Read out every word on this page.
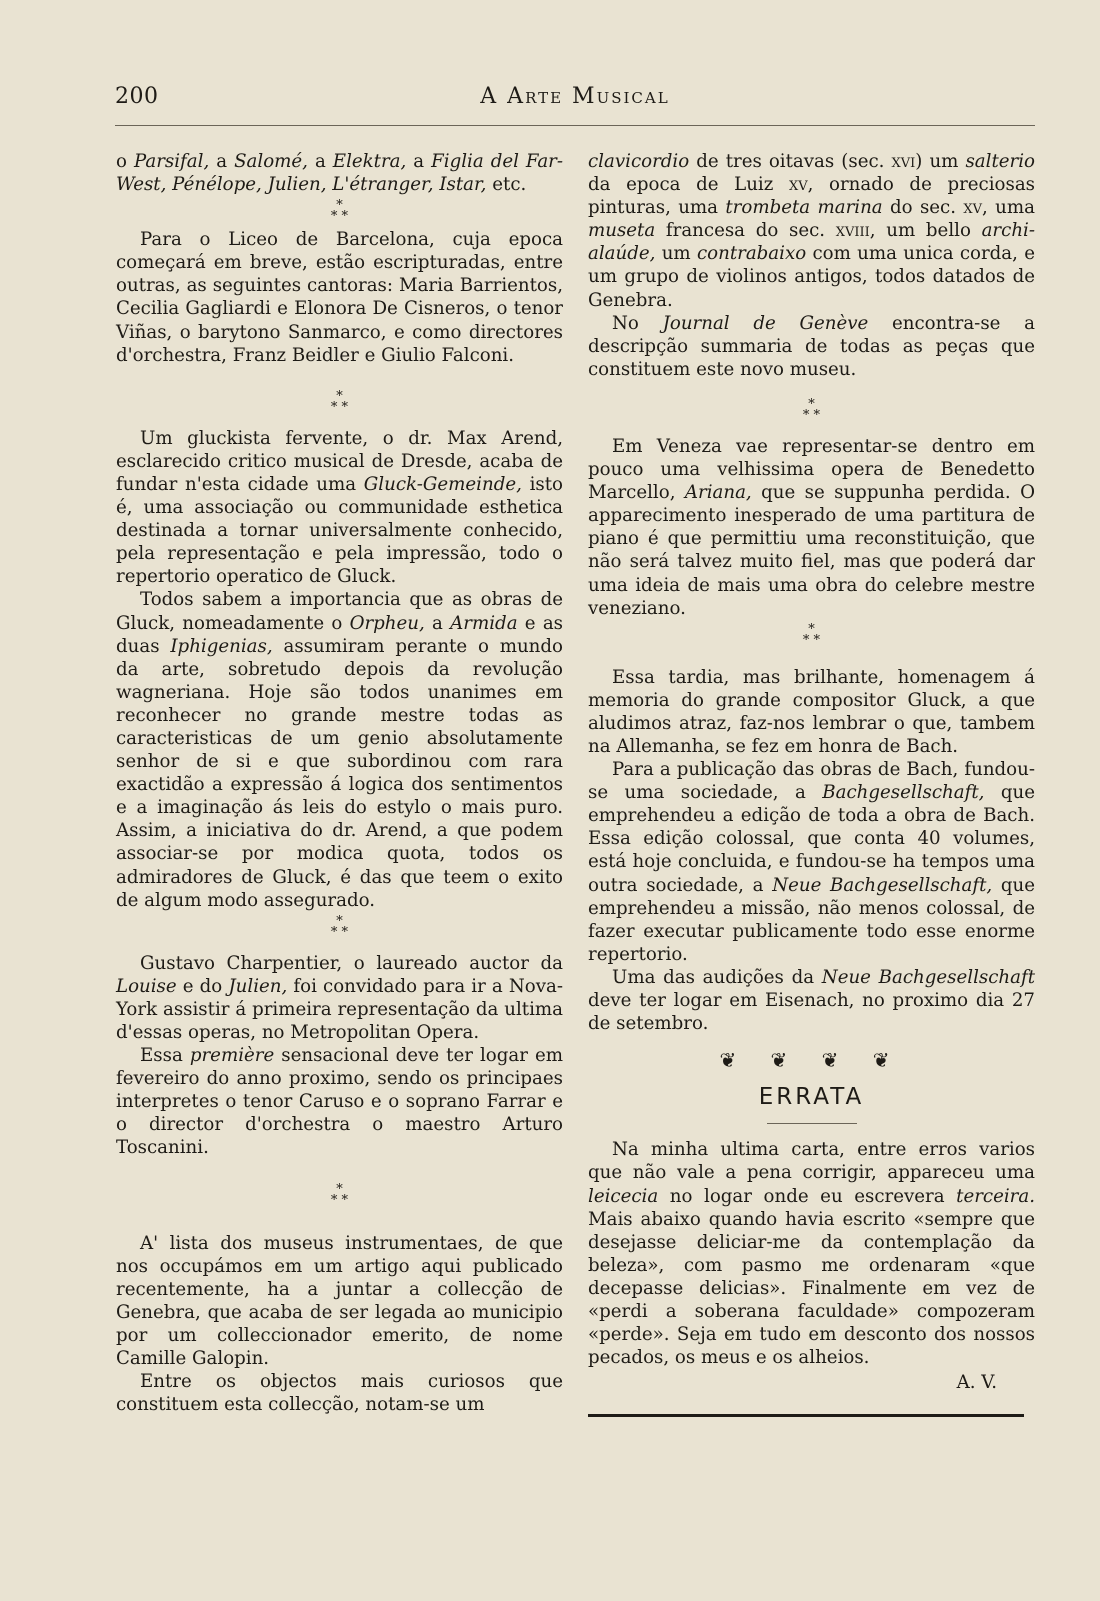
200	A Arte Musical

o Parsifal, a Salomé, a Elektra, a Figlia del Far-West, Pénélope, Julien, L'étranger, Istar, etc.

*
* *

Para o Liceo de Barcelona, cuja epoca começará em breve, estão escripturadas, entre outras, as seguintes cantoras: Maria Barrientos, Cecilia Gagliardi e Elonora De Cisneros, o tenor Viñas, o barytono Sanmarco, e como directores d'orchestra, Franz Beidler e Giulio Falconi.

*
* *

Um gluckista fervente, o dr. Max Arend, esclarecido critico musical de Dresde, acaba de fundar n'esta cidade uma Gluck-Gemeinde, isto é, uma associação ou communidade esthetica destinada a tornar universalmente conhecido, pela representação e pela impressão, todo o repertorio operatico de Gluck.

Todos sabem a importancia que as obras de Gluck, nomeadamente o Orpheu, a Armida e as duas Iphigenias, assumiram perante o mundo da arte, sobretudo depois da revolução wagneriana. Hoje são todos unanimes em reconhecer no grande mestre todas as caracteristicas de um genio absolutamente senhor de si e que subordinou com rara exactidão a expressão á logica dos sentimentos e a imaginação ás leis do estylo o mais puro. Assim, a iniciativa do dr. Arend, a que podem associar-se por modica quota, todos os admiradores de Gluck, é das que teem o exito de algum modo assegurado.

*
* *

Gustavo Charpentier, o laureado auctor da Louise e do Julien, foi convidado para ir a Nova-York assistir á primeira representação da ultima d'essas operas, no Metropolitan Opera.

Essa première sensacional deve ter logar em fevereiro do anno proximo, sendo os principaes interpretes o tenor Caruso e o soprano Farrar e o director d'orchestra o maestro Arturo Toscanini.

*
* *

A' lista dos museus instrumentaes, de que nos occupámos em um artigo aqui publicado recentemente, ha a juntar a collecção de Genebra, que acaba de ser legada ao municipio por um colleccionador emerito, de nome Camille Galopin.

Entre os objectos mais curiosos que constituem esta collecção, notam-se um

clavicordio de tres oitavas (sec. xvi) um salterio da epoca de Luiz xv, ornado de preciosas pinturas, uma trombeta marina do sec. xv, uma museta francesa do sec. xviii, um bello archi-alaúde, um contrabaixo com uma unica corda, e um grupo de violinos antigos, todos datados de Genebra.

No Journal de Genève encontra-se a descripção summaria de todas as peças que constituem este novo museu.

*
* *

Em Veneza vae representar-se dentro em pouco uma velhissima opera de Benedetto Marcello, Ariana, que se suppunha perdida. O apparecimento inesperado de uma partitura de piano é que permittiu uma reconstituição, que não será talvez muito fiel, mas que poderá dar uma ideia de mais uma obra do celebre mestre veneziano.

*
* *

Essa tardia, mas brilhante, homenagem á memoria do grande compositor Gluck, a que aludimos atraz, faz-nos lembrar o que, tambem na Allemanha, se fez em honra de Bach.

Para a publicação das obras de Bach, fundou-se uma sociedade, a Bachgesellschaft, que emprehendeu a edição de toda a obra de Bach. Essa edição colossal, que conta 40 volumes, está hoje concluida, e fundou-se ha tempos uma outra sociedade, a Neue Bachgesellschaft, que emprehendeu a missão, não menos colossal, de fazer executar publicamente todo esse enorme repertorio.

Uma das audições da Neue Bachgesellschaft deve ter logar em Eisenach, no proximo dia 27 de setembro.

❦ ❦ ❦ ❦
ERRATA

Na minha ultima carta, entre erros varios que não vale a pena corrigir, appareceu uma leicecia no logar onde eu escrevera terceira. Mais abaixo quando havia escrito «sempre que desejasse deliciar-me da contemplação da beleza», com pasmo me ordenaram «que decepasse delicias». Finalmente em vez de «perdi a soberana faculdade» compozeram «perde». Seja em tudo em desconto dos nossos pecados, os meus e os alheios.

A. V.
